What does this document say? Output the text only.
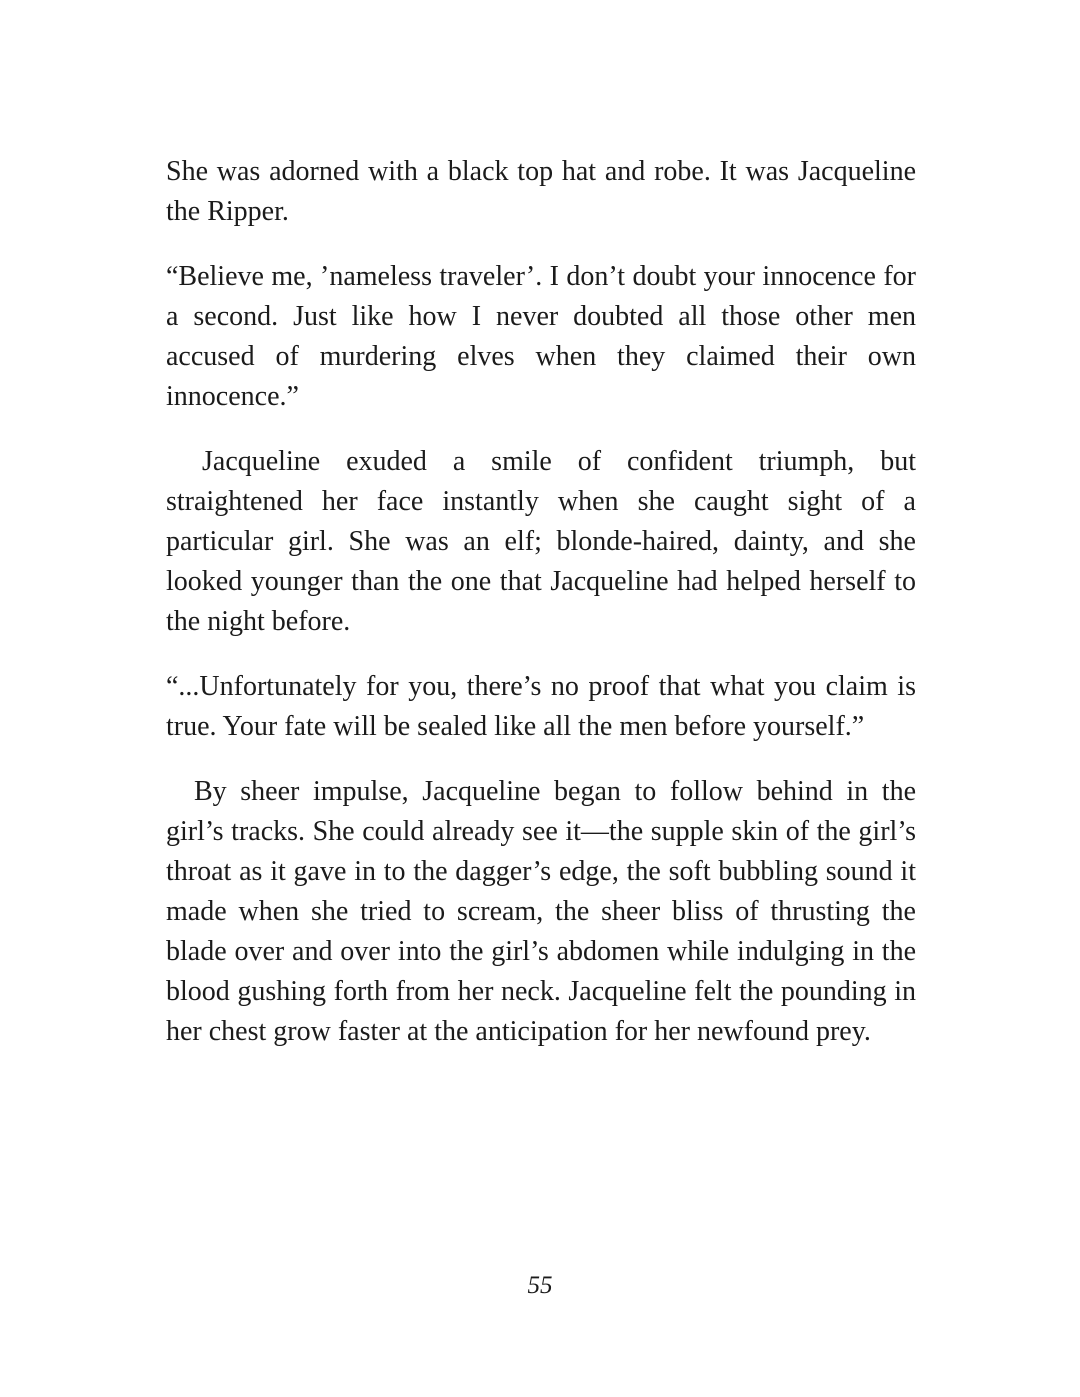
She was adorned with a black top hat and robe. It was Jacqueline the Ripper.

“Believe me, ’nameless traveler’. I don’t doubt your innocence for a second. Just like how I never doubted all those other men accused of murdering elves when they claimed their own innocence.”

Jacqueline exuded a smile of confident triumph, but straightened her face instantly when she caught sight of a particular girl. She was an elf; blonde-haired, dainty, and she looked younger than the one that Jacqueline had helped herself to the night before.

“...Unfortunately for you, there’s no proof that what you claim is true. Your fate will be sealed like all the men before yourself.”

By sheer impulse, Jacqueline began to follow behind in the girl’s tracks. She could already see it—the supple skin of the girl’s throat as it gave in to the dagger’s edge, the soft bubbling sound it made when she tried to scream, the sheer bliss of thrusting the blade over and over into the girl’s abdomen while indulging in the blood gushing forth from her neck. Jacqueline felt the pounding in her chest grow faster at the anticipation for her newfound prey.

55
